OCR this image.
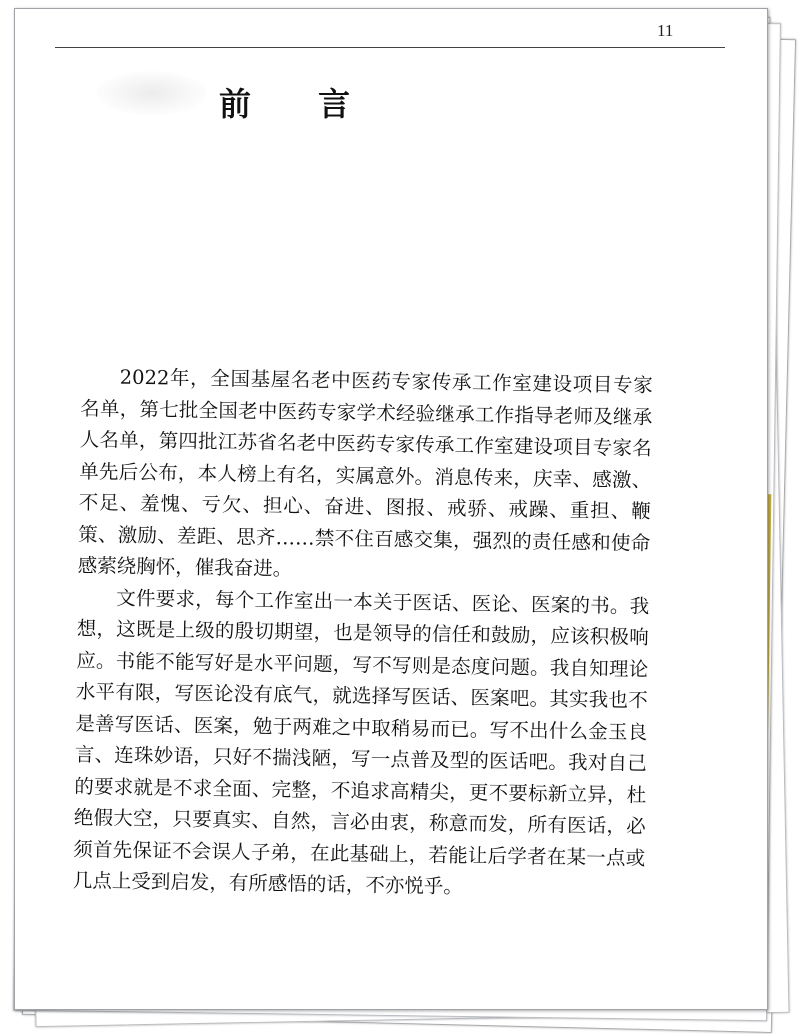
11
前 言

2022年，全国基屋名老中医药专家传承工作室建设项目专家名单，第七批全国老中医药专家学术经验继承工作指导老师及继承人名单，第四批江苏省名老中医药专家传承工作室建设项目专家名单先后公布，本人榜上有名，实属意外。消息传来，庆幸、感激、不足、羞愧、亏欠、担心、奋进、图报、戒骄、戒躁、重担、鞭策、激励、差距、思齐……禁不住百感交集，强烈的责任感和使命感萦绕胸怀，催我奋进。

文件要求，每个工作室出一本关于医话、医论、医案的书。我想，这既是上级的殷切期望，也是领导的信任和鼓励，应该积极响应。书能不能写好是水平问题，写不写则是态度问题。我自知理论水平有限，写医论没有底气，就选择写医话、医案吧。其实我也不是善写医话、医案，勉于两难之中取稍易而已。写不出什么金玉良言、连珠妙语，只好不揣浅陋，写一点普及型的医话吧。我对自己的要求就是不求全面、完整，不追求高精尖，更不要标新立异，杜绝假大空，只要真实、自然，言必由衷，称意而发，所有医话，必须首先保证不会误人子弟，在此基础上，若能让后学者在某一点或几点上受到启发，有所感悟的话，不亦悦乎。
